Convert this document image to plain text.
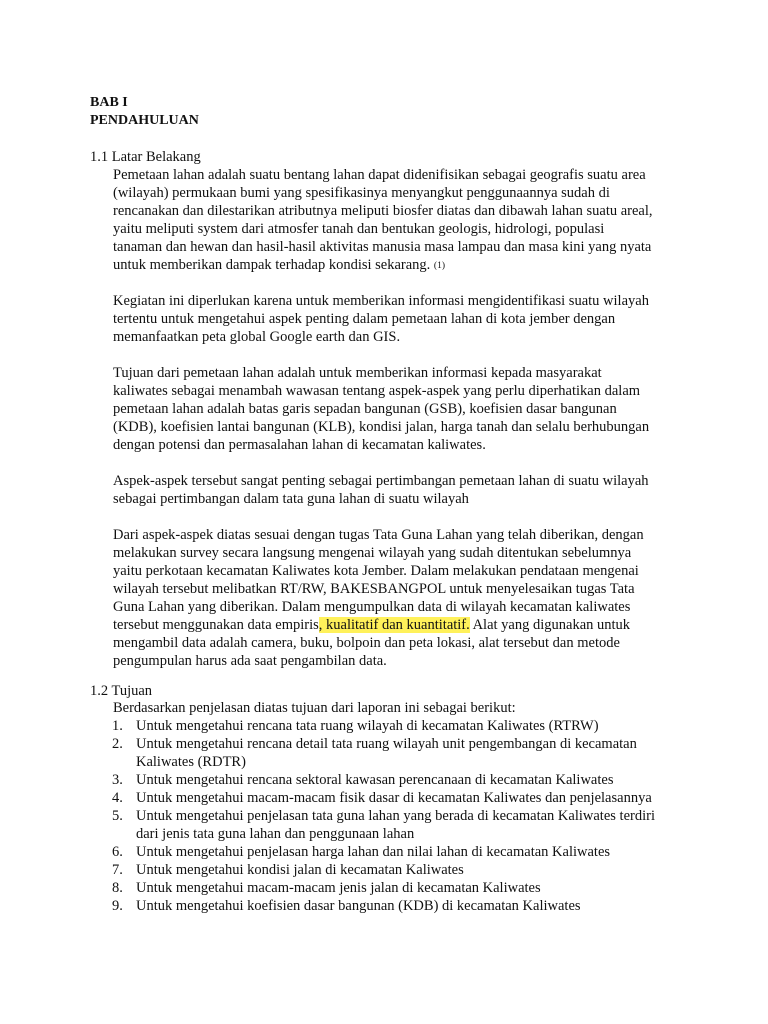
BAB I
PENDAHULUAN
1.1 Latar Belakang
Pemetaan lahan adalah suatu bentang lahan dapat didenifisikan sebagai geografis suatu area
(wilayah) permukaan bumi yang spesifikasinya menyangkut penggunaannya sudah di
rencanakan dan dilestarikan atributnya meliputi biosfer diatas dan dibawah lahan suatu areal,
yaitu meliputi system dari atmosfer tanah dan bentukan geologis, hidrologi, populasi
tanaman dan hewan dan hasil-hasil aktivitas manusia masa lampau dan masa kini yang nyata
untuk memberikan dampak terhadap kondisi sekarang. (1)
Kegiatan ini diperlukan karena untuk memberikan informasi mengidentifikasi suatu wilayah
tertentu untuk mengetahui aspek penting dalam pemetaan lahan di kota jember dengan
memanfaatkan peta global Google earth dan GIS.
Tujuan dari pemetaan lahan adalah untuk memberikan informasi kepada masyarakat
kaliwates sebagai menambah wawasan tentang aspek-aspek yang perlu diperhatikan dalam
pemetaan lahan adalah batas garis sepadan bangunan (GSB), koefisien dasar bangunan
(KDB), koefisien lantai bangunan (KLB), kondisi jalan, harga tanah dan selalu berhubungan
dengan potensi dan permasalahan lahan di kecamatan kaliwates.
Aspek-aspek tersebut sangat penting sebagai pertimbangan pemetaan lahan di suatu wilayah
sebagai pertimbangan dalam tata guna lahan di suatu wilayah
Dari aspek-aspek diatas sesuai dengan tugas Tata Guna Lahan yang telah diberikan, dengan
melakukan survey secara langsung mengenai wilayah yang sudah ditentukan sebelumnya
yaitu perkotaan kecamatan Kaliwates kota Jember. Dalam melakukan pendataan mengenai
wilayah tersebut melibatkan RT/RW, BAKESBANGPOL untuk menyelesaikan tugas Tata
Guna Lahan yang diberikan. Dalam mengumpulkan data di wilayah kecamatan kaliwates
tersebut menggunakan data empiris, kualitatif dan kuantitatif. Alat yang digunakan untuk
mengambil data adalah camera, buku, bolpoin dan peta lokasi, alat tersebut dan metode
pengumpulan harus ada saat pengambilan data.
1.2 Tujuan
Berdasarkan penjelasan diatas tujuan dari laporan ini sebagai berikut:
1. Untuk mengetahui rencana tata ruang wilayah di kecamatan Kaliwates (RTRW)
2. Untuk mengetahui rencana detail tata ruang wilayah unit pengembangan di kecamatan
Kaliwates (RDTR)
3. Untuk mengetahui rencana sektoral kawasan perencanaan di kecamatan Kaliwates
4. Untuk mengetahui macam-macam fisik dasar di kecamatan Kaliwates dan penjelasannya
5. Untuk mengetahui penjelasan tata guna lahan yang berada di kecamatan Kaliwates terdiri
dari jenis tata guna lahan dan penggunaan lahan
6. Untuk mengetahui penjelasan harga lahan dan nilai lahan di kecamatan Kaliwates
7. Untuk mengetahui kondisi jalan di kecamatan Kaliwates
8. Untuk mengetahui macam-macam jenis jalan di kecamatan Kaliwates
9. Untuk mengetahui koefisien dasar bangunan (KDB) di kecamatan Kaliwates
